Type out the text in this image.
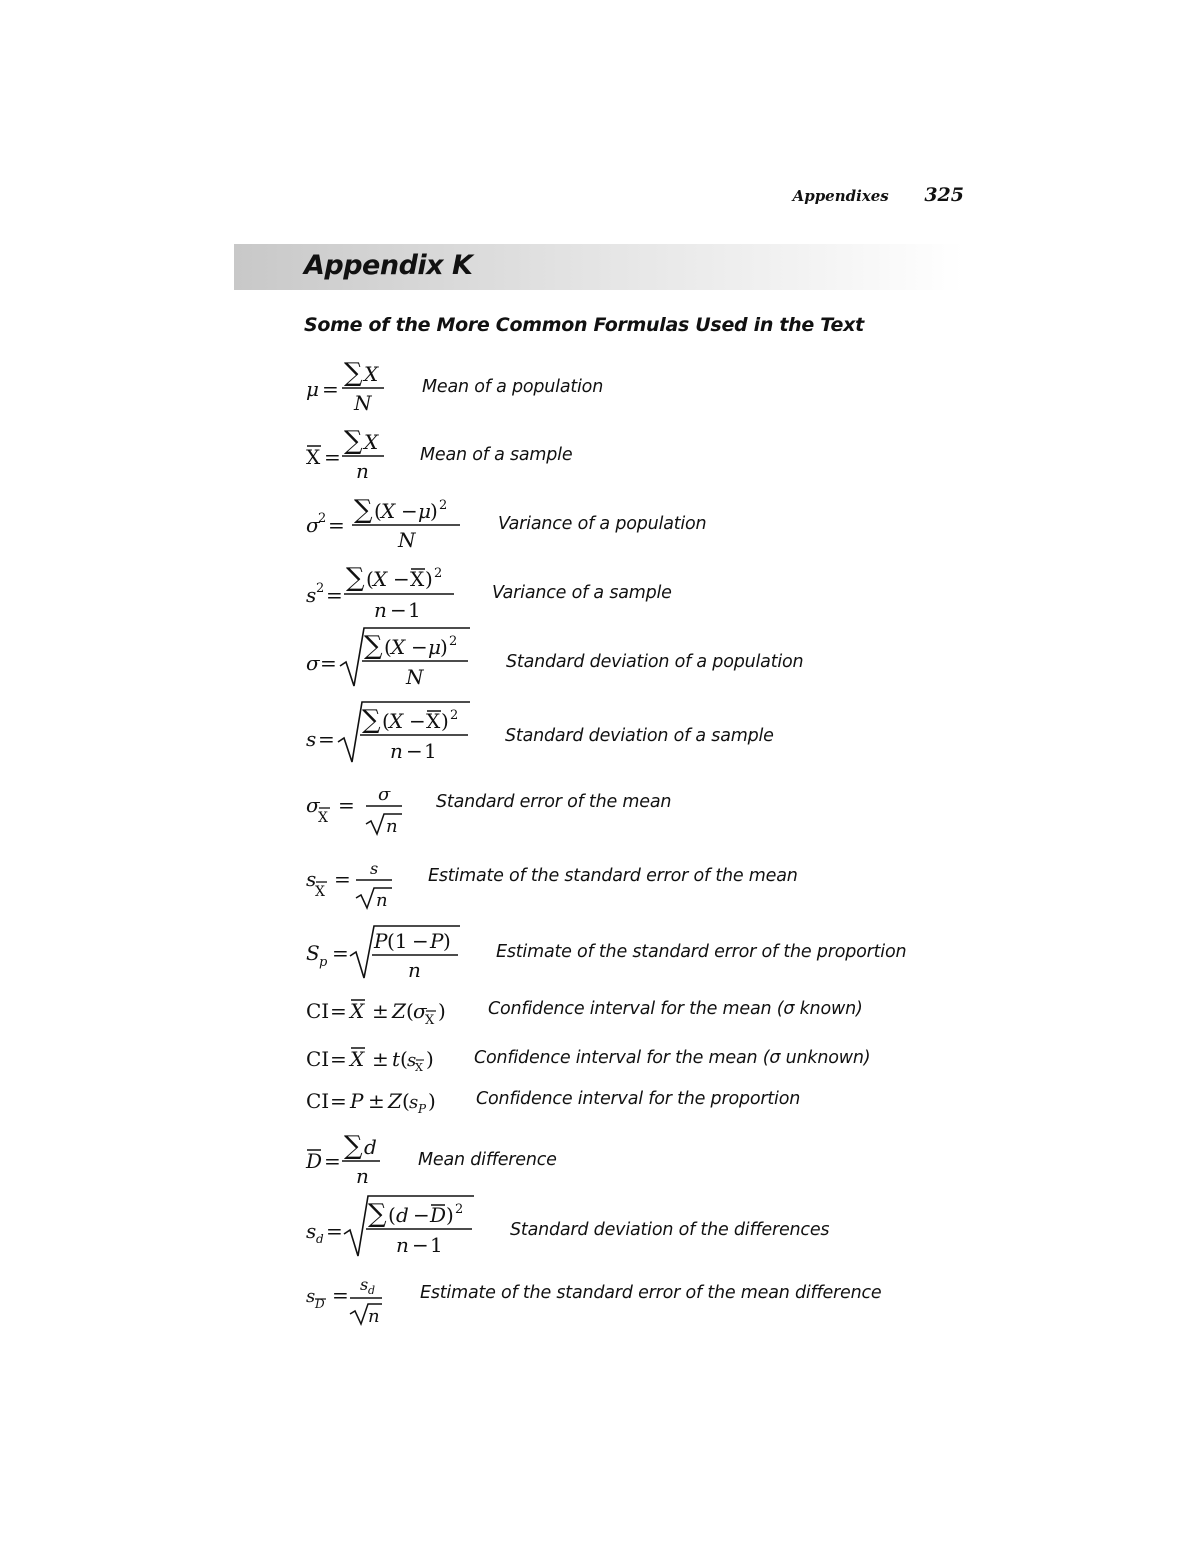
Appendixes 325
Appendix K
Some of the More Common Formulas Used in the Text
μ =
∑ X
N
Mean of a population
X =
∑ X
n
Mean of a sample
σ
2 = ∑ ( X − μ ) 2
N
Variance of a population
s 2 =
∑ ( X − X ) 2
n − 1
Variance of a sample
σ =
∑ ( X − μ ) 2
N
Standard deviation of a population
s =
∑ ( X − X ) 2
n − 1
Standard deviation of a sample
σ
X
= σ
n
Standard error of the mean
s
X
= s
n
Estimate of the standard error of the mean
S p = P (1 − P )
n
Estimate of the standard error of the proportion
CI = X ± Z ( σ
X ) Confidence interval for the mean (σ known)
CI = X ± t ( s
X ) Confidence interval for the mean (σ unknown)
CI = P ± Z ( s P ) Confidence interval for the proportion
D = ∑ d
n
Mean difference
s d =
∑ ( d − D ) 2
n − 1
Standard deviation of the differences
s D = s d
n
Estimate of the standard error of the mean difference
